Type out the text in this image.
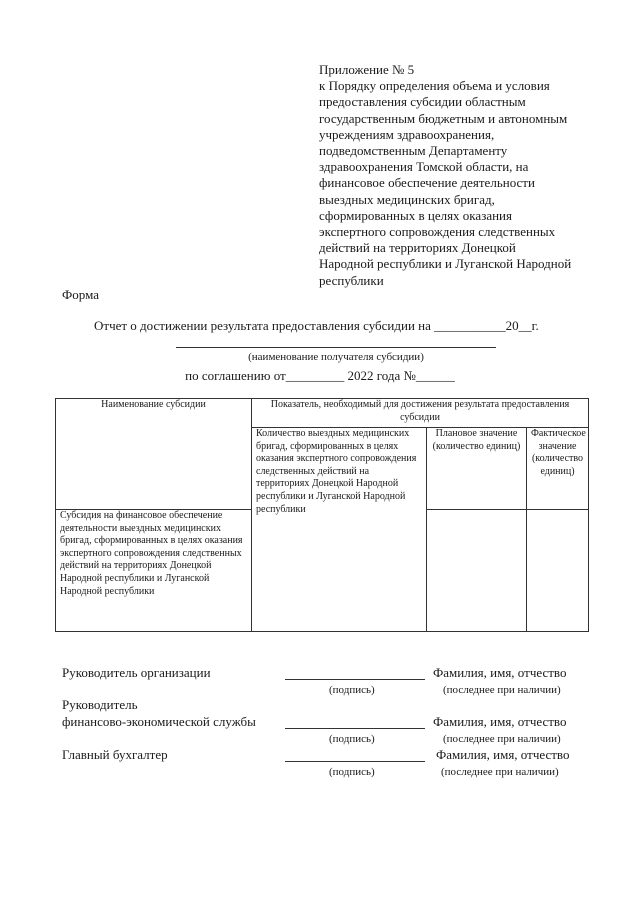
Приложение № 5
к Порядку определения объема и условия
предоставления субсидии областным
государственным бюджетным и автономным
учреждениям здравоохранения,
подведомственным Департаменту
здравоохранения Томской области, на
финансовое обеспечение деятельности
выездных медицинских бригад,
сформированных в целях оказания
экспертного сопровождения следственных
действий на территориях Донецкой
Народной республики и Луганской Народной
республики
Форма
Отчет о достижении результата предоставления субсидии на ___________20__г.
(наименование получателя субсидии)
по соглашению от_________ 2022 года №______
Наименование субсидии	Показатель, необходимый для достижения результата предоставления субсидии		
	Количество выездных медицинских бригад, сформированных в целях оказания экспертного сопровождения следственных действий на территориях Донецкой Народной республики и Луганской Народной республики	Плановое значение (количество единиц)	Фактическое значение (количество единиц)
Субсидия на финансовое обеспечение деятельности выездных медицинских бригад, сформированных в целях оказания экспертного сопровождения следственных действий на территориях Донецкой Народной республики и Луганской Народной республики			
Руководитель организации	Фамилия, имя, отчество
(подпись)	(последнее при наличии)
Руководитель
финансово-экономической службы	Фамилия, имя, отчество
(подпись)	(последнее при наличии)
Главный бухгалтер	Фамилия, имя, отчество
(подпись)	(последнее при наличии)
